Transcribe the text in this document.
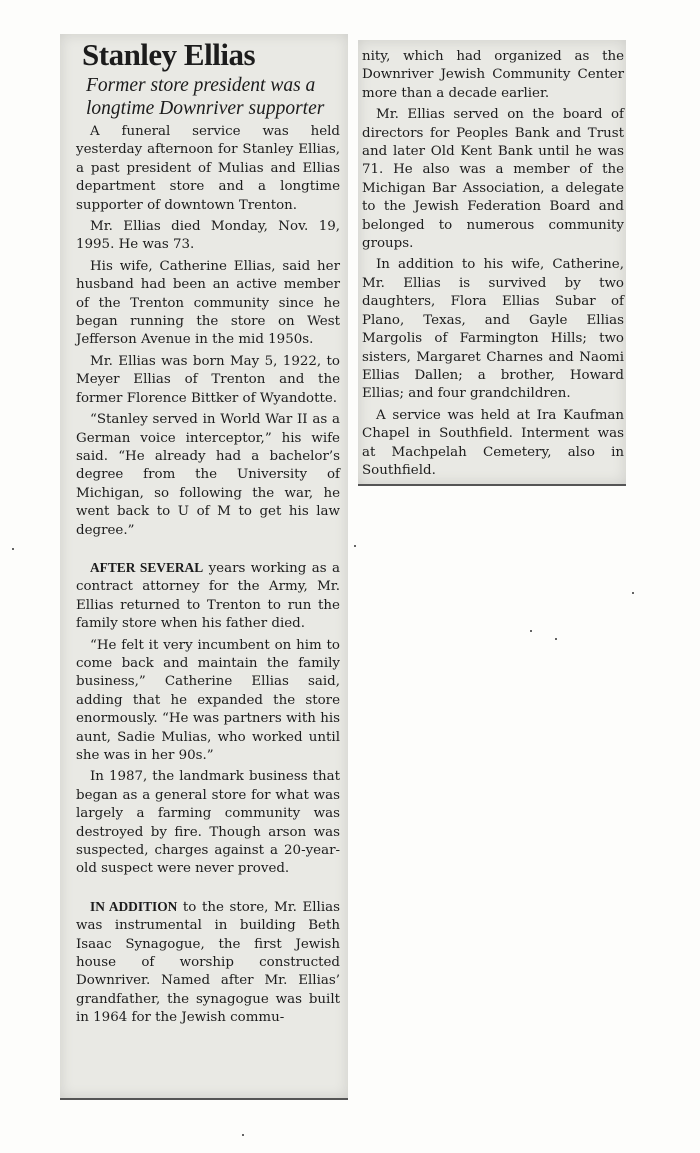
Stanley Ellias
Former store president was a longtime Downriver supporter

A funeral service was held yesterday afternoon for Stanley Ellias, a past president of Mulias and Ellias department store and a longtime supporter of downtown Trenton.

Mr. Ellias died Monday, Nov. 19, 1995. He was 73.

His wife, Catherine Ellias, said her husband had been an active member of the Trenton community since he began running the store on West Jefferson Avenue in the mid 1950s.

Mr. Ellias was born May 5, 1922, to Meyer Ellias of Trenton and the former Florence Bittker of Wyandotte.

“Stanley served in World War II as a German voice interceptor,” his wife said. “He already had a bachelor’s degree from the University of Michigan, so following the war, he went back to U of M to get his law degree.”

AFTER SEVERAL years working as a contract attorney for the Army, Mr. Ellias returned to Trenton to run the family store when his father died.

“He felt it very incumbent on him to come back and maintain the family business,” Catherine Ellias said, adding that he expanded the store enormously. “He was partners with his aunt, Sadie Mulias, who worked until she was in her 90s.”

In 1987, the landmark business that began as a general store for what was largely a farming community was destroyed by fire. Though arson was suspected, charges against a 20-year-old suspect were never proved.

IN ADDITION to the store, Mr. Ellias was instrumental in building Beth Isaac Synagogue, the first Jewish house of worship constructed Downriver. Named after Mr. Ellias’ grandfather, the synagogue was built in 1964 for the Jewish commu-

nity, which had organized as the Downriver Jewish Community Center more than a decade earlier.

Mr. Ellias served on the board of directors for Peoples Bank and Trust and later Old Kent Bank until he was 71. He also was a member of the Michigan Bar Association, a delegate to the Jewish Federation Board and belonged to numerous community groups.

In addition to his wife, Catherine, Mr. Ellias is survived by two daughters, Flora Ellias Subar of Plano, Texas, and Gayle Ellias Margolis of Farmington Hills; two sisters, Margaret Charnes and Naomi Ellias Dallen; a brother, Howard Ellias; and four grandchildren.

A service was held at Ira Kaufman Chapel in Southfield. Interment was at Machpelah Cemetery, also in Southfield.
